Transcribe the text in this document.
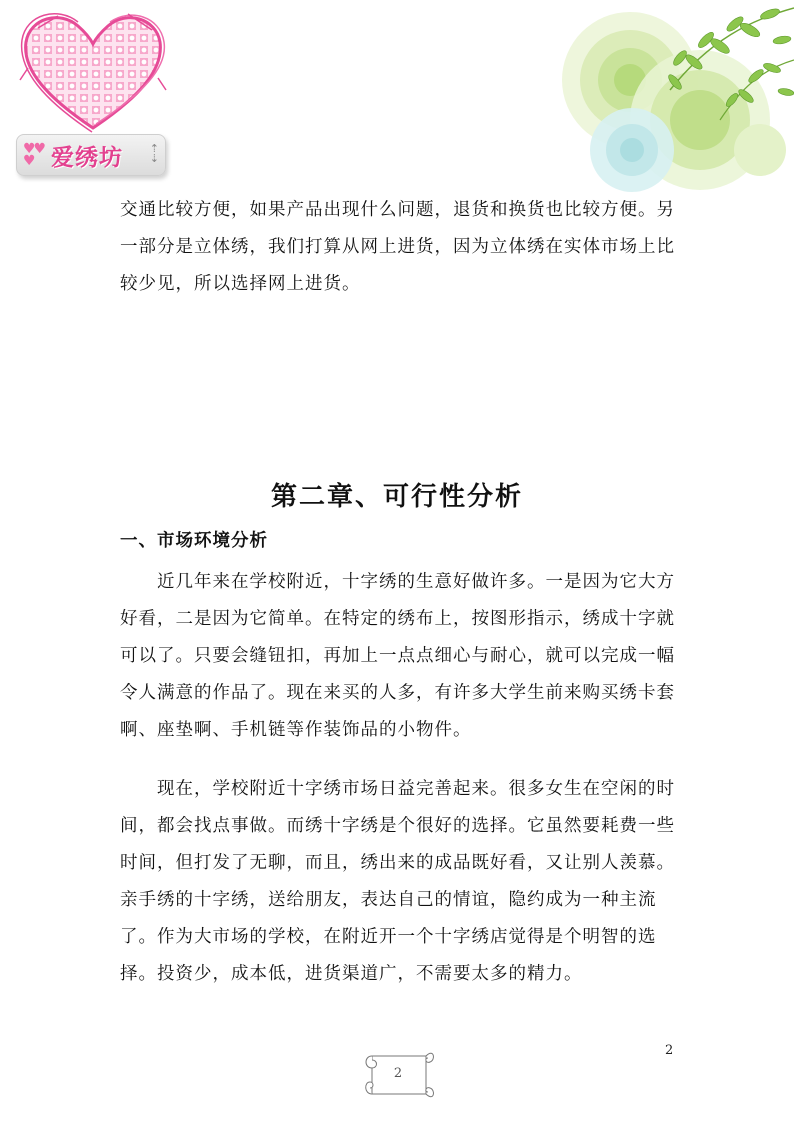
♥♥
♥ 爱绣坊 ⇡
⇣

交通比较方便，如果产品出现什么问题，退货和换货也比较方便。另一部分是立体绣，我们打算从网上进货，因为立体绣在实体市场上比较少见，所以选择网上进货。

第二章、可行性分析
一、市场环境分析

近几年来在学校附近，十字绣的生意好做许多。一是因为它大方好看，二是因为它简单。在特定的绣布上，按图形指示，绣成十字就可以了。只要会缝钮扣，再加上一点点细心与耐心，就可以完成一幅令人满意的作品了。现在来买的人多，有许多大学生前来购买绣卡套啊、座垫啊、手机链等作装饰品的小物件。

现在，学校附近十字绣市场日益完善起来。很多女生在空闲的时间，都会找点事做。而绣十字绣是个很好的选择。它虽然要耗费一些时间，但打发了无聊，而且，绣出来的成品既好看，又让别人羡慕。亲手绣的十字绣，送给朋友，表达自己的情谊，隐约成为一种主流了。作为大市场的学校，在附近开一个十字绣店觉得是个明智的选择。投资少，成本低，进货渠道广，不需要太多的精力。

2
2
